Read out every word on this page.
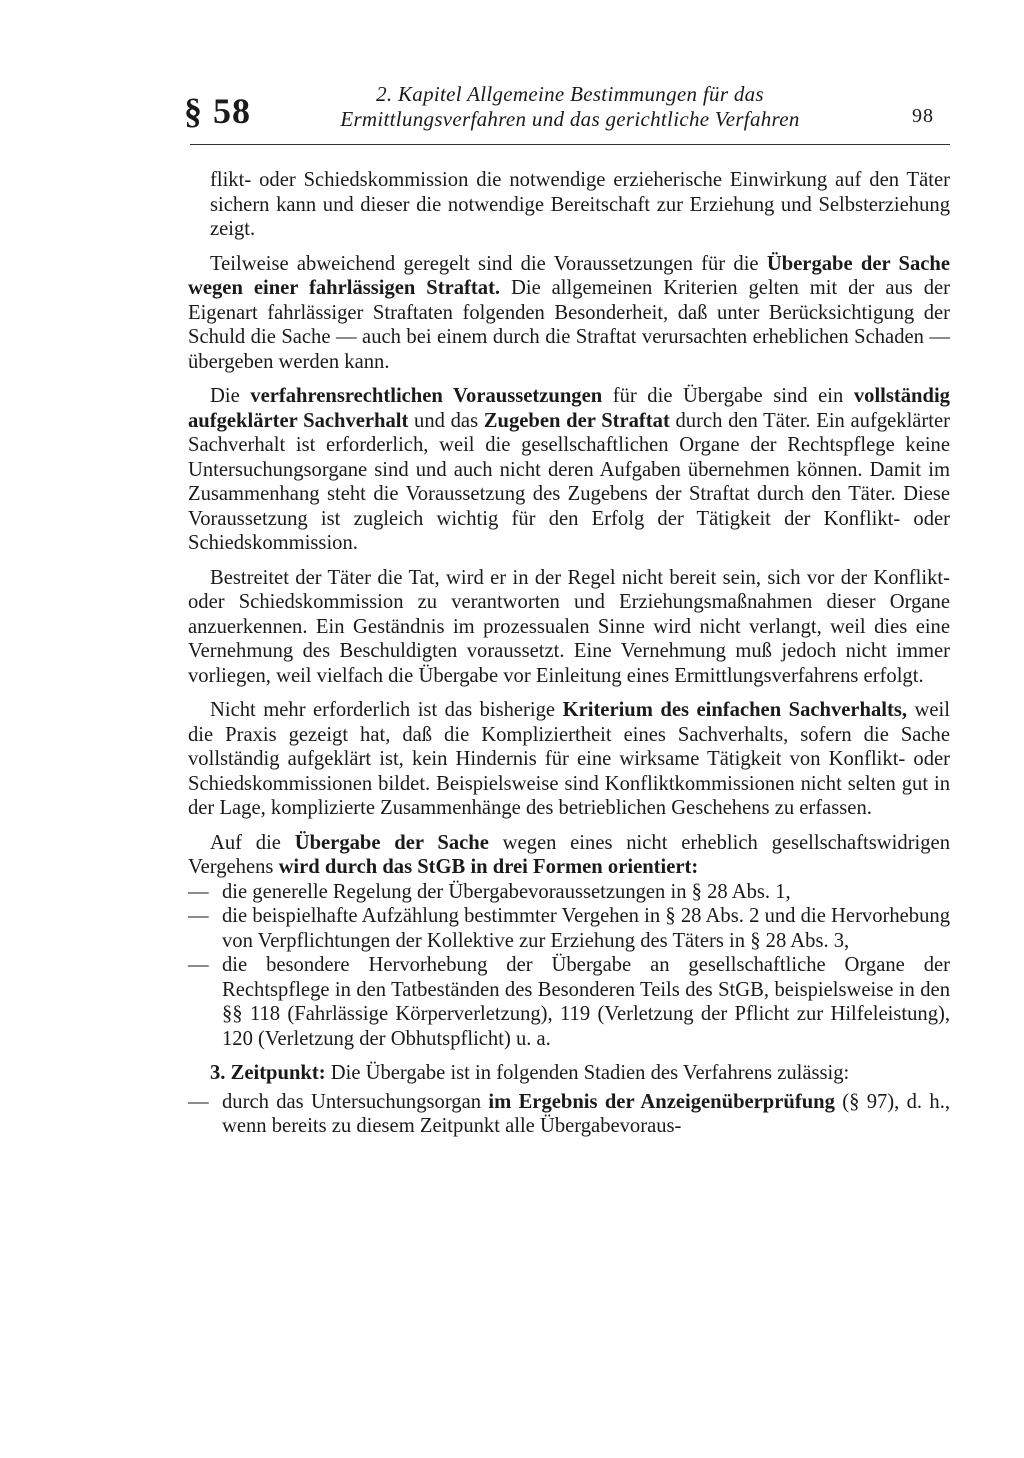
§ 58	2. Kapitel Allgemeine Bestimmungen für das
Ermittlungsverfahren und das gerichtliche Verfahren	98

flikt- oder Schiedskommission die notwendige erzieherische Einwirkung auf den Täter sichern kann und dieser die notwendige Bereitschaft zur Erziehung und Selbsterziehung zeigt.

Teilweise abweichend geregelt sind die Voraussetzungen für die Übergabe der Sache wegen einer fahrlässigen Straftat. Die allgemeinen Kriterien gelten mit der aus der Eigenart fahrlässiger Straftaten folgenden Besonderheit, daß unter Berücksichtigung der Schuld die Sache — auch bei einem durch die Straftat verursachten erheblichen Schaden — übergeben werden kann.

Die verfahrensrechtlichen Voraussetzungen für die Übergabe sind ein vollständig aufgeklärter Sachverhalt und das Zugeben der Straftat durch den Täter. Ein aufgeklärter Sachverhalt ist erforderlich, weil die gesellschaftlichen Organe der Rechtspflege keine Untersuchungsorgane sind und auch nicht deren Aufgaben übernehmen können. Damit im Zusammenhang steht die Voraussetzung des Zugebens der Straftat durch den Täter. Diese Voraussetzung ist zugleich wichtig für den Erfolg der Tätigkeit der Konflikt- oder Schiedskommission.

Bestreitet der Täter die Tat, wird er in der Regel nicht bereit sein, sich vor der Konflikt- oder Schiedskommission zu verantworten und Erziehungsmaßnahmen dieser Organe anzuerkennen. Ein Geständnis im prozessualen Sinne wird nicht verlangt, weil dies eine Vernehmung des Beschuldigten voraussetzt. Eine Vernehmung muß jedoch nicht immer vorliegen, weil vielfach die Übergabe vor Einleitung eines Ermittlungsverfahrens erfolgt.

Nicht mehr erforderlich ist das bisherige Kriterium des einfachen Sachverhalts, weil die Praxis gezeigt hat, daß die Kompliziertheit eines Sachverhalts, sofern die Sache vollständig aufgeklärt ist, kein Hindernis für eine wirksame Tätigkeit von Konflikt- oder Schiedskommissionen bildet. Beispielsweise sind Konfliktkommissionen nicht selten gut in der Lage, komplizierte Zusammenhänge des betrieblichen Geschehens zu erfassen.

Auf die Übergabe der Sache wegen eines nicht erheblich gesellschaftswidrigen Vergehens wird durch das StGB in drei Formen orientiert:

— die generelle Regelung der Übergabevoraussetzungen in § 28 Abs. 1,
— die beispielhafte Aufzählung bestimmter Vergehen in § 28 Abs. 2 und die Hervorhebung von Verpflichtungen der Kollektive zur Erziehung des Täters in § 28 Abs. 3,
— die besondere Hervorhebung der Übergabe an gesellschaftliche Organe der Rechtspflege in den Tatbeständen des Besonderen Teils des StGB, beispielsweise in den §§ 118 (Fahrlässige Körperverletzung), 119 (Verletzung der Pflicht zur Hilfeleistung), 120 (Verletzung der Obhutspflicht) u. a.

3. Zeitpunkt: Die Übergabe ist in folgenden Stadien des Verfahrens zulässig:

— durch das Untersuchungsorgan im Ergebnis der Anzeigenüberprüfung (§ 97), d. h., wenn bereits zu diesem Zeitpunkt alle Übergabevoraus-
